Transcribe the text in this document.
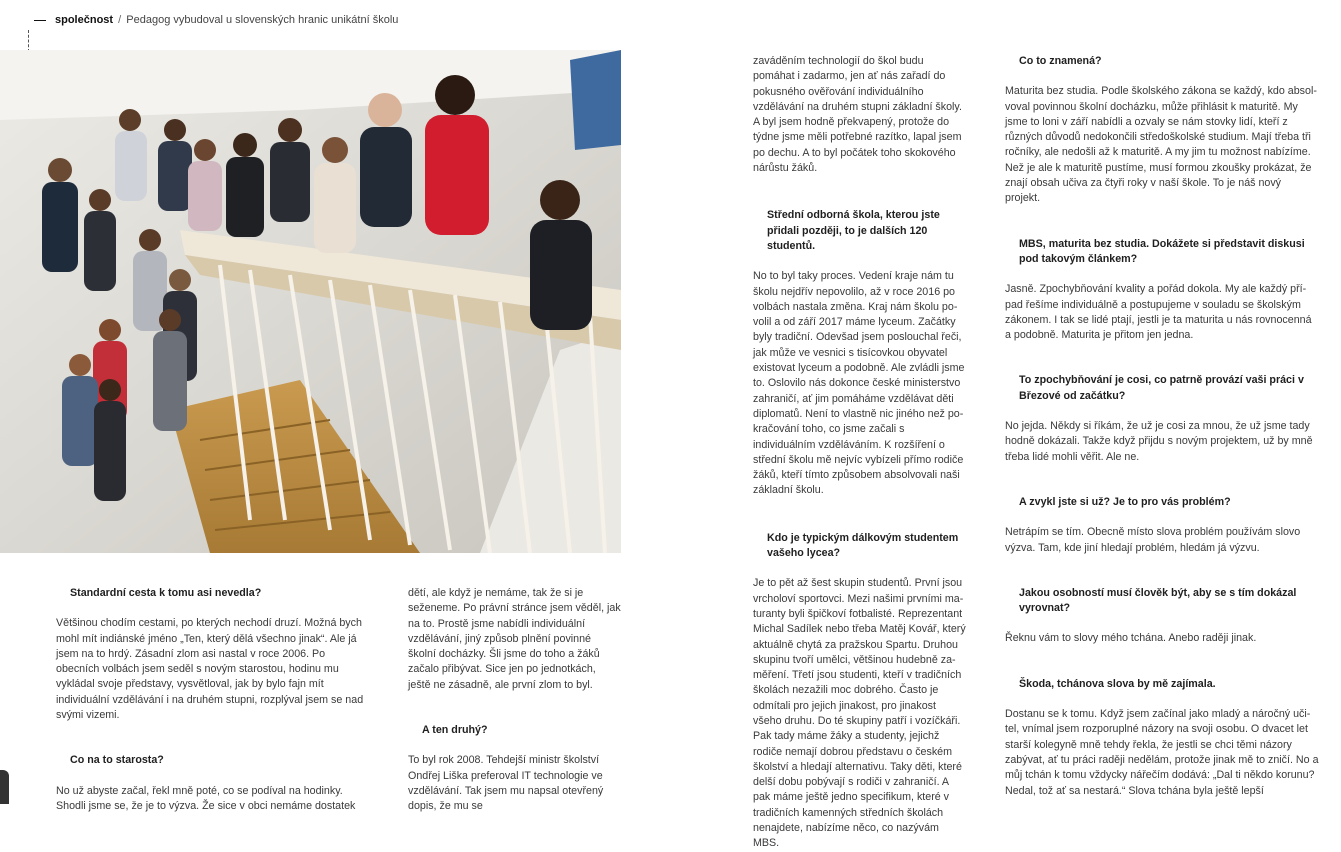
společnost / Pedagog vybudoval u slovenských hranic unikátní školu
Standardní cesta k tomu asi nevedla?

Většinou chodím cestami, po kterých nechodí druzí. Možná bych mohl mít indiánské jméno „Ten, který dělá všechno jinak“. Ale já jsem na to hrdý. Zásadní zlom asi nastal v roce 2006. Po obecních volbách jsem seděl s novým starostou, hodinu mu vykládal svoje představy, vysvětloval, jak by bylo fajn mít individuální vzdělávání i na druhém stupni, rozplýval jsem se nad svými vizemi.

Co na to starosta?

No už abyste začal, řekl mně poté, co se podíval na hodinky. Shodli jsme se, že je to výzva. Že sice v obci nemáme dostatek

dětí, ale když je nemáme, tak že si je seženeme. Po právní stránce jsem věděl, jak na to. Prostě jsme nabídli individuální vzdělávání, jiný způsob plnění povinné školní docházky. Šli jsme do toho a žáků začalo přibývat. Sice jen po jednotkách, ještě ne zásadně, ale první zlom to byl.

A ten druhý?

To byl rok 2008. Tehdejší ministr školství Ondřej Liška preferoval IT technologie ve vzdělávání. Tak jsem mu napsal otevřený dopis, že mu se

zaváděním technologií do škol budu pomáhat i zadarmo, jen ať nás zařadí do pokusného ověřování individuálního vzdělávání na druhém stupni základní školy. A byl jsem hodně překvapený, protože do týdne jsme měli potřebné razítko, lapal jsem po dechu. A to byl počátek toho skokového nárůstu žáků.

Střední odborná škola, kterou jste přidali později, to je dalších 120 studentů.

No to byl taky proces. Vedení kraje nám tu školu nejdřív nepovolilo, až v roce 2016 po volbách nastala změna. Kraj nám školu povolil a od září 2017 máme lyceum. Začátky byly tradiční. Odevšad jsem poslouchal řeči, jak může ve vesnici s tisícovkou obyvatel existovat lyceum a podobně. Ale zvládli jsme to. Oslovilo nás dokonce české ministerstvo zahraničí, ať jim pomáháme vzdělávat děti diplomatů. Není to vlastně nic jiného než pokračování toho, co jsme začali s individuálním vzděláváním. K rozšíření o střední školu mě nejvíc vybízeli přímo rodiče žáků, kteří tímto způsobem absolvovali naši základní školu.

Kdo je typickým dálkovým studentem vašeho lycea?

Je to pět až šest skupin studentů. První jsou vrcholoví sportovci. Mezi našimi prvními maturanty byli špičkoví fotbalisté. Reprezentant Michal Sadílek nebo třeba Matěj Kovář, který aktuálně chytá za pražskou Spartu. Druhou skupinu tvoří umělci, většinou hudebně zaměření. Třetí jsou studenti, kteří v tradičních školách nezažili moc dobrého. Často je odmítali pro jejich jinakost, pro jinakost všeho druhu. Do té skupiny patří i vozíčkáři. Pak tady máme žáky a studenty, jejichž rodiče nemají dobrou představu o českém školství a hledají alternativu. Taky děti, které delší dobu pobývají s rodiči v zahraničí. A pak máme ještě jedno specifikum, které v tradičních kamenných středních školách nenajdete, nabízíme něco, co nazývám MBS.

Co to znamená?

Maturita bez studia. Podle školského zákona se každý, kdo absolvoval povinnou školní docházku, může přihlásit k maturitě. My jsme to loni v září nabídli a ozvaly se nám stovky lidí, kteří z různých důvodů nedokončili středoškolské studium. Mají třeba tři ročníky, ale nedošli až k maturitě. A my jim tu možnost nabízíme. Než je ale k maturitě pustíme, musí formou zkoušky prokázat, že znají obsah učiva za čtyři roky v naší škole. To je náš nový projekt.

MBS, maturita bez studia. Dokážete si představit diskusi pod takovým článkem?

Jasně. Zpochybňování kvality a pořád dokola. My ale každý případ řešíme individuálně a postupujeme v souladu se školským zákonem. I tak se lidé ptají, jestli je ta maturita u nás rovnocenná a podobně. Maturita je přitom jen jedna.

To zpochybňování je cosi, co patrně provází vaši práci v Březové od začátku?

No jejda. Někdy si říkám, že už je cosi za mnou, že už jsme tady hodně dokázali. Takže když přijdu s novým projektem, už by mně třeba lidé mohli věřit. Ale ne.

A zvykl jste si už? Je to pro vás problém?

Netrápím se tím. Obecně místo slova problém používám slovo výzva. Tam, kde jiní hledají problém, hledám já výzvu.

Jakou osobností musí člověk být, aby se s tím dokázal vyrovnat?

Řeknu vám to slovy mého tchána. Anebo raději jinak.

Škoda, tchánova slova by mě zajímala.

Dostanu se k tomu. Když jsem začínal jako mladý a náročný učitel, vnímal jsem rozporuplné názory na svoji osobu. O dvacet let starší kolegyně mně tehdy řekla, že jestli se chci těmi názory zabývat, ať tu práci raději nedělám, protože jinak mě to zničí. No a můj tchán k tomu vždycky nářečím dodává: „Dal ti někdo korunu? Nedal, tož ať sa nestará.“ Slova tchána byla ještě lepší
